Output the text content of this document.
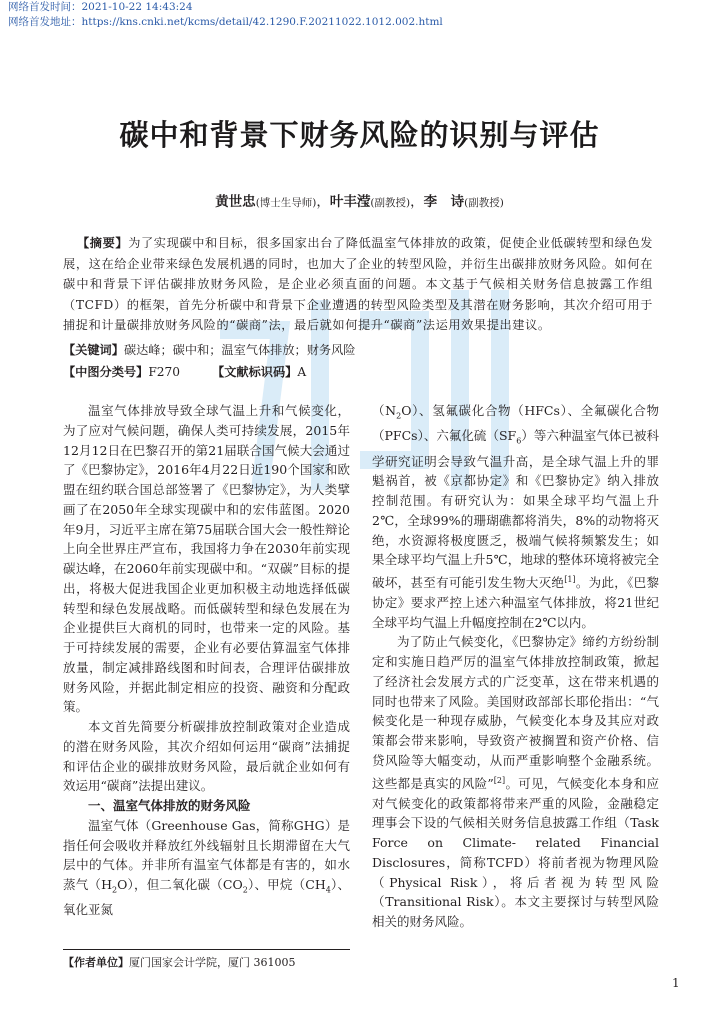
网络首发时间：2021-10-22 14:43:24
网络首发地址：https://kns.cnki.net/kcms/detail/42.1290.F.20211022.1012.002.html
碳中和背景下财务风险的识别与评估
黄世忠(博士生导师)，叶丰滢(副教授)，李　诗(副教授)

【摘要】为了实现碳中和目标，很多国家出台了降低温室气体排放的政策，促使企业低碳转型和绿色发展，这在给企业带来绿色发展机遇的同时，也加大了企业的转型风险，并衍生出碳排放财务风险。如何在碳中和背景下评估碳排放财务风险，是企业必须直面的问题。本文基于气候相关财务信息披露工作组（TCFD）的框架，首先分析碳中和背景下企业遭遇的转型风险类型及其潜在财务影响，其次介绍可用于捕捉和计量碳排放财务风险的“碳商”法，最后就如何提升“碳商”法运用效果提出建议。

【关键词】碳达峰；碳中和；温室气体排放；财务风险
【中图分类号】F270	【文献标识码】A

温室气体排放导致全球气温上升和气候变化，为了应对气候问题，确保人类可持续发展，2015年12月12日在巴黎召开的第21届联合国气候大会通过了《巴黎协定》，2016年4月22日近190个国家和欧盟在纽约联合国总部签署了《巴黎协定》，为人类擘画了在2050年全球实现碳中和的宏伟蓝图。2020年9月，习近平主席在第75届联合国大会一般性辩论上向全世界庄严宣布，我国将力争在2030年前实现碳达峰，在2060年前实现碳中和。“双碳”目标的提出，将极大促进我国企业更加积极主动地选择低碳转型和绿色发展战略。而低碳转型和绿色发展在为企业提供巨大商机的同时，也带来一定的风险。基于可持续发展的需要，企业有必要估算温室气体排放量，制定减排路线图和时间表，合理评估碳排放财务风险，并据此制定相应的投资、融资和分配政策。

本文首先简要分析碳排放控制政策对企业造成的潜在财务风险，其次介绍如何运用“碳商”法捕捉和评估企业的碳排放财务风险，最后就企业如何有效运用“碳商”法提出建议。

一、温室气体排放的财务风险

温室气体（Greenhouse Gas，简称GHG）是指任何会吸收并释放红外线辐射且长期滞留在大气层中的气体。并非所有温室气体都是有害的，如水蒸气$(H_2O)$，但二氧化碳$(CO_2)$、甲烷$(CH_4)$、氧化亚氮

$(N_2O)$、氢氟碳化合物（HFCs）、全氟碳化合物（PFCs）、六氟化硫$(SF_6)$等六种温室气体已被科学研究证明会导致气温升高，是全球气温上升的罪魁祸首，被《京都协定》和《巴黎协定》纳入排放控制范围。有研究认为：如果全球平均气温上升2℃，全球99%的珊瑚礁都将消失，8%的动物将灭绝，水资源将极度匮乏，极端气候将频繁发生；如果全球平均气温上升5℃，地球的整体环境将被完全破坏，甚至有可能引发生物大灭绝[1]。为此，《巴黎协定》要求严控上述六种温室气体排放，将21世纪全球平均气温上升幅度控制在2℃以内。

为了防止气候变化，《巴黎协定》缔约方纷纷制定和实施日趋严厉的温室气体排放控制政策，掀起了经济社会发展方式的广泛变革，这在带来机遇的同时也带来了风险。美国财政部部长耶伦指出：“气候变化是一种现存威胁，气候变化本身及其应对政策都会带来影响，导致资产被搁置和资产价格、信贷风险等大幅变动，从而严重影响整个金融系统。这些都是真实的风险”[2]。可见，气候变化本身和应对气候变化的政策都将带来严重的风险，金融稳定理事会下设的气候相关财务信息披露工作组（Task Force on Climate- related Financial Disclosures，简称TCFD）将前者视为物理风险（Physical Risk），将后者视为转型风险（Transitional Risk）。本文主要探讨与转型风险相关的财务风险。

【作者单位】厦门国家会计学院，厦门 361005
1
